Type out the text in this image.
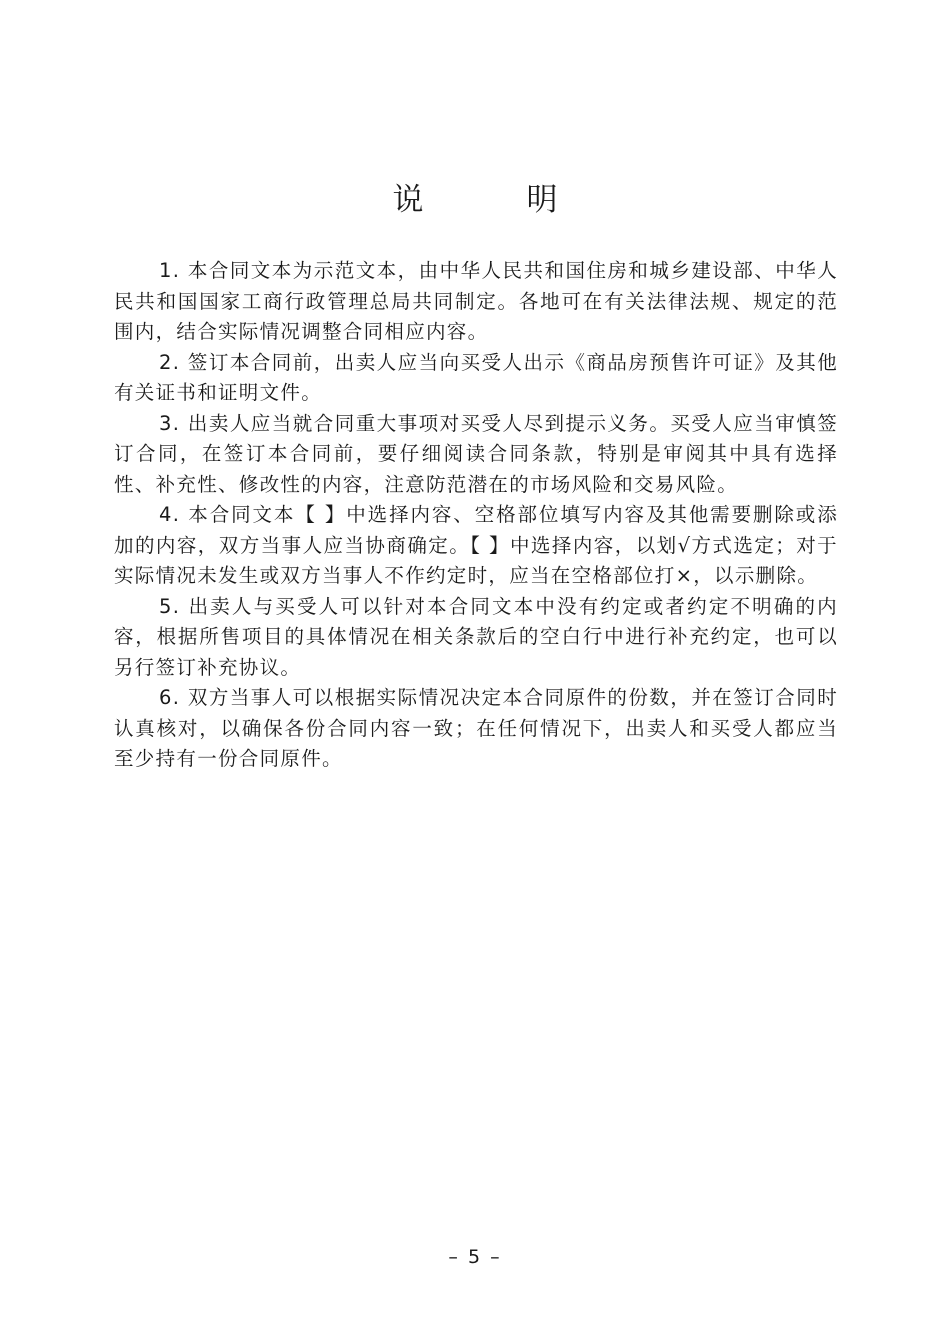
说　明

1. 本合同文本为示范文本，由中华人民共和国住房和城乡建设部、中华人民共和国国家工商行政管理总局共同制定。各地可在有关法律法规、规定的范围内，结合实际情况调整合同相应内容。

2. 签订本合同前，出卖人应当向买受人出示《商品房预售许可证》及其他有关证书和证明文件。

3. 出卖人应当就合同重大事项对买受人尽到提示义务。买受人应当审慎签订合同，在签订本合同前，要仔细阅读合同条款，特别是审阅其中具有选择性、补充性、修改性的内容，注意防范潜在的市场风险和交易风险。

4. 本合同文本【 】中选择内容、空格部位填写内容及其他需要删除或添加的内容，双方当事人应当协商确定。【 】中选择内容，以划√方式选定；对于实际情况未发生或双方当事人不作约定时，应当在空格部位打×，以示删除。

5. 出卖人与买受人可以针对本合同文本中没有约定或者约定不明确的内容，根据所售项目的具体情况在相关条款后的空白行中进行补充约定，也可以另行签订补充协议。

6. 双方当事人可以根据实际情况决定本合同原件的份数，并在签订合同时认真核对，以确保各份合同内容一致；在任何情况下，出卖人和买受人都应当至少持有一份合同原件。

– 5 –
